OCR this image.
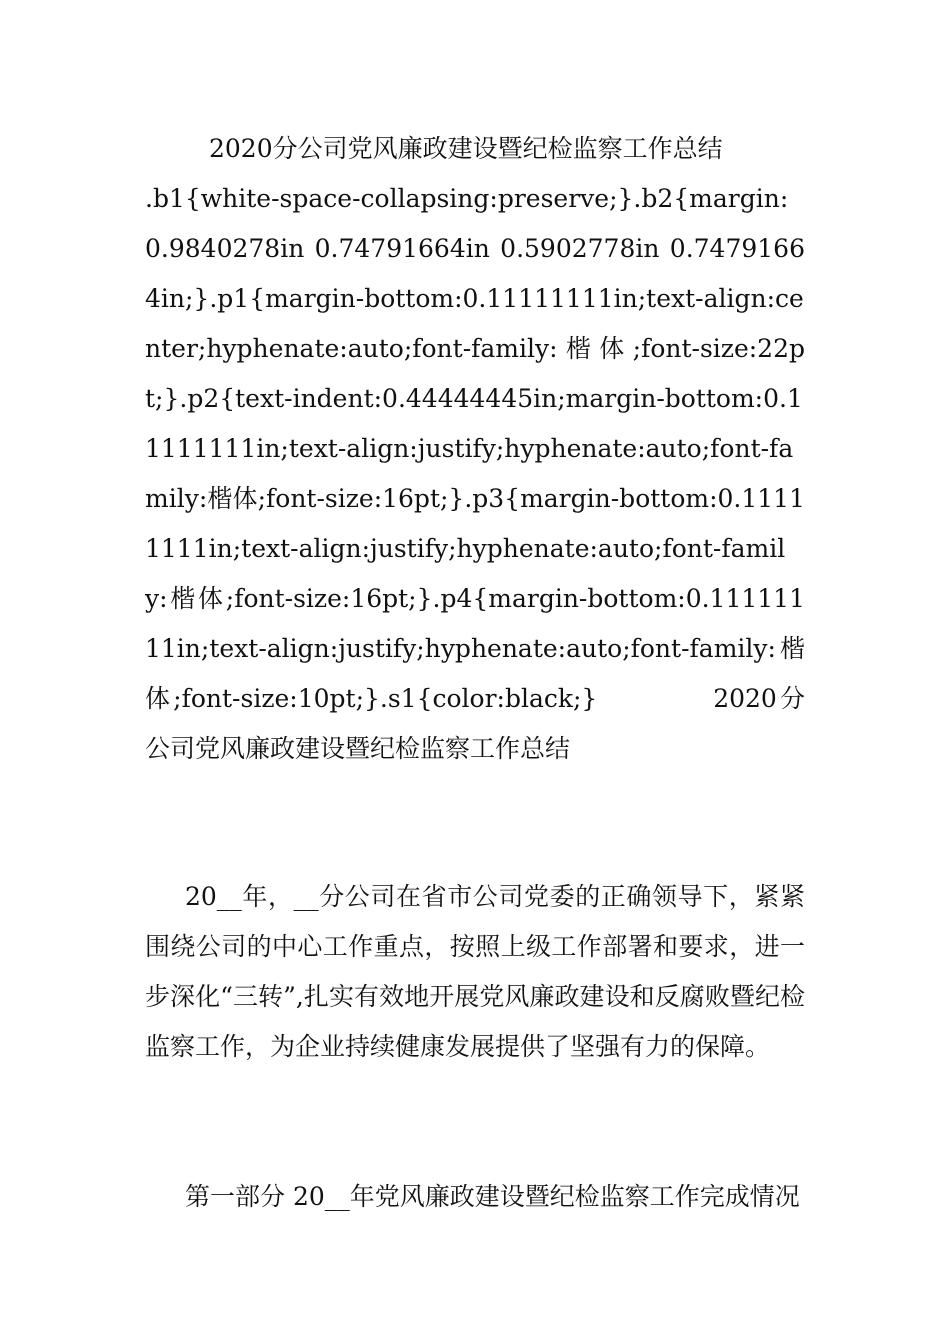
2020分公司党风廉政建设暨纪检监察工作总结

.b1{white-space-collapsing:preserve;}.b2{margin: 0.9840278in 0.74791664in 0.5902778in 0.74791664in;}.p1{margin-bottom:0.11111111in;text-align:center;hyphenate:auto;font-family:楷体;font-size:22pt;}.p2{text-indent:0.44444445in;margin-bottom:0.11111111in;text-align:justify;hyphenate:auto;font-family:楷体;font-size:16pt;}.p3{margin-bottom:0.11111111in;text-align:justify;hyphenate:auto;font-family:楷体;font-size:16pt;}.p4{margin-bottom:0.11111111in;text-align:justify;hyphenate:auto;font-family:楷体;font-size:10pt;}.s1{color:black;}　　　　2020分公司党风廉政建设暨纪检监察工作总结

20__年，__分公司在省市公司党委的正确领导下，紧紧围绕公司的中心工作重点，按照上级工作部署和要求，进一步深化“三转”,扎实有效地开展党风廉政建设和反腐败暨纪检监察工作，为企业持续健康发展提供了坚强有力的保障。

第一部分 20__年党风廉政建设暨纪检监察工作完成情况
